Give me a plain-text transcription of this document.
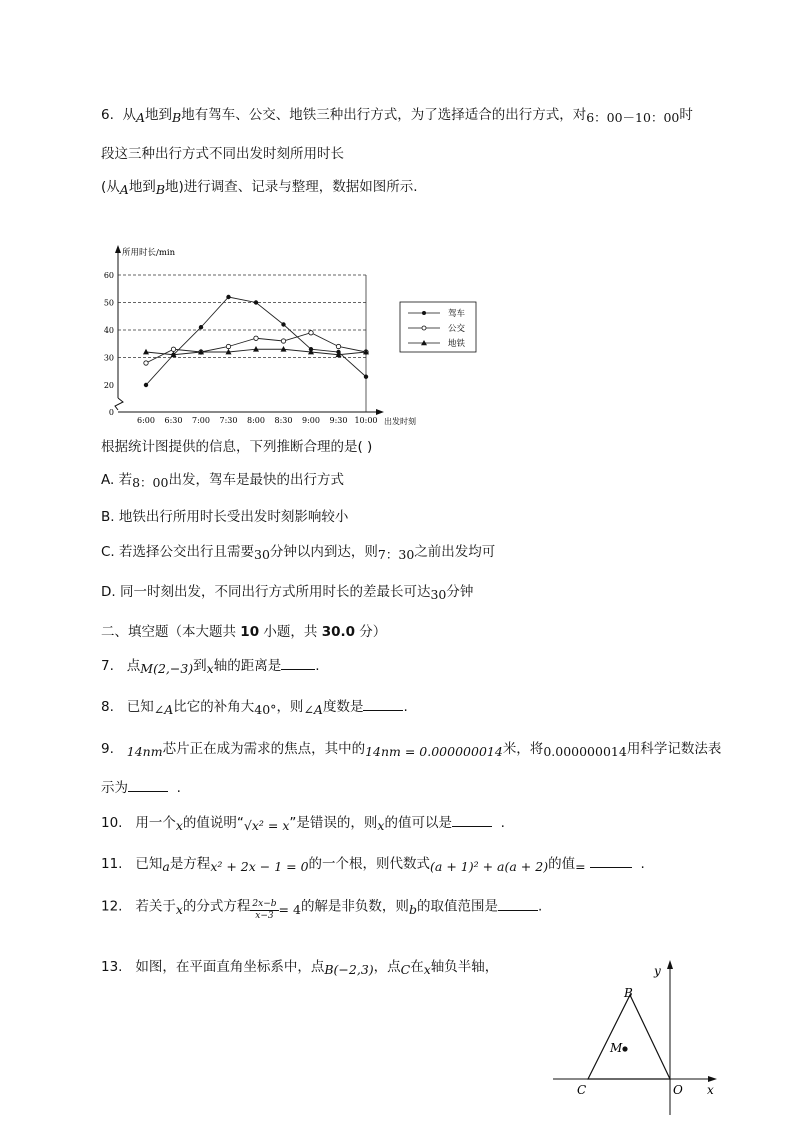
6. 从A地到B地有驾车、公交、地铁三种出行方式，为了选择适合的出行方式，对6：00－10：00时
段这三种出行方式不同出发时刻所用时长
(从A地到B地)进行调查、记录与整理，数据如图所示.
所用时长/min
出发时刻
0
20
30
40
50
60
6:00 6:30 7:00 7:30 8:00 8:30 9:00 9:30 10:00
驾车
公交
地铁
根据统计图提供的信息，下列推断合理的是( )
A. 若8：00出发，驾车是最快的出行方式
B. 地铁出行所用时长受出发时刻影响较小
C. 若选择公交出行且需要30分钟以内到达，则7：30之前出发均可
D. 同一时刻出发，不同出行方式所用时长的差最长可达30分钟
二、填空题（本大题共 10 小题，共 30.0 分）
7. 点M(2,−3)到x轴的距离是	.
8. 已知∠A比它的补角大40°，则∠A度数是	.
9. 14nm芯片正在成为需求的焦点，其中的14nm = 0.000000014米，将0.000000014用科学记数法表
示为	.
10. 用一个x的值说明“√x² = x”是错误的，则x的值可以是	.
11. 已知a是方程x² + 2x − 1 = 0的一个根，则代数式(a + 1)² + a(a + 2)的值=	.
12. 若关于x的分式方程 $\frac{2x-b}{x-3} = 4$的解是非负数，则b的取值范围是	.
13. 如图，在平面直角坐标系中，点B(−2,3)，点C在x轴负半轴，
B
C	O
M
x
y
